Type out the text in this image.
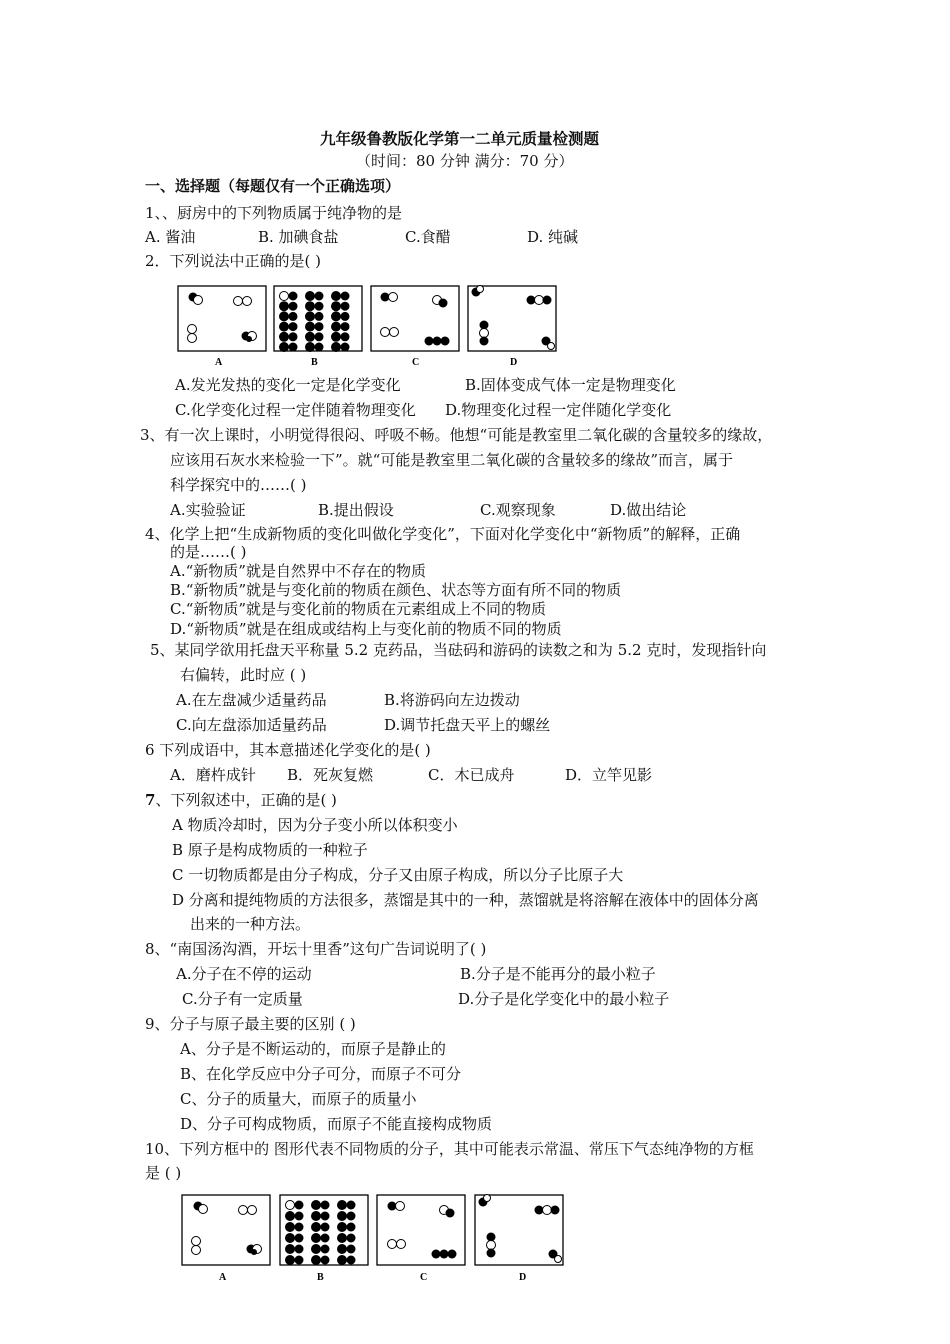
九年级鲁教版化学第一二单元质量检测题
（时间：80 分钟 满分：70 分）
一、选择题（每题仅有一个正确选项）
1、、厨房中的下列物质属于纯净物的是
A. 酱油	B. 加碘食盐	C.食醋	D. 纯碱
2．下列说法中正确的是( )
A	B	C	D
A.发光发热的变化一定是化学变化	B.固体变成气体一定是物理变化
C.化学变化过程一定伴随着物理变化 D.物理变化过程一定伴随化学变化
3、有一次上课时，小明觉得很闷、呼吸不畅。他想“可能是教室里二氧化碳的含量较多的缘故，
应该用石灰水来检验一下”。就“可能是教室里二氧化碳的含量较多的缘故”而言，属于
科学探究中的……( )
A.实验验证	B.提出假设	C.观察现象	D.做出结论
4、化学上把“生成新物质的变化叫做化学变化”，下面对化学变化中“新物质”的解释，正确
的是……( )
A.“新物质”就是自然界中不存在的物质
B.“新物质”就是与变化前的物质在颜色、状态等方面有所不同的物质
C.“新物质”就是与变化前的物质在元素组成上不同的物质
D.“新物质”就是在组成或结构上与变化前的物质不同的物质
5、某同学欲用托盘天平称量 5.2 克药品，当砝码和游码的读数之和为 5.2 克时，发现指针向
右偏转，此时应 ( )
A.在左盘减少适量药品	B.将游码向左边拨动
C.向左盘添加适量药品	D.调节托盘天平上的螺丝
6 下列成语中，其本意描述化学变化的是( )
A．磨杵成针 B．死灰复燃	C．木已成舟	D．立竿见影
7、下列叙述中，正确的是( )
A 物质冷却时，因为分子变小所以体积变小
B 原子是构成物质的一种粒子
C 一切物质都是由分子构成，分子又由原子构成，所以分子比原子大
D 分离和提纯物质的方法很多，蒸馏是其中的一种，蒸馏就是将溶解在液体中的固体分离
出来的一种方法。
8、“南国汤沟酒，开坛十里香”这句广告词说明了( )
A.分子在不停的运动	B.分子是不能再分的最小粒子
C.分子有一定质量	D.分子是化学变化中的最小粒子
9、分子与原子最主要的区别 ( )
A、分子是不断运动的，而原子是静止的
B、在化学反应中分子可分，而原子不可分
C、分子的质量大，而原子的质量小
D、分子可构成物质，而原子不能直接构成物质
10、下列方框中的 图形代表不同物质的分子，其中可能表示常温、常压下气态纯净物的方框
是 ( )
A	B	C	D
